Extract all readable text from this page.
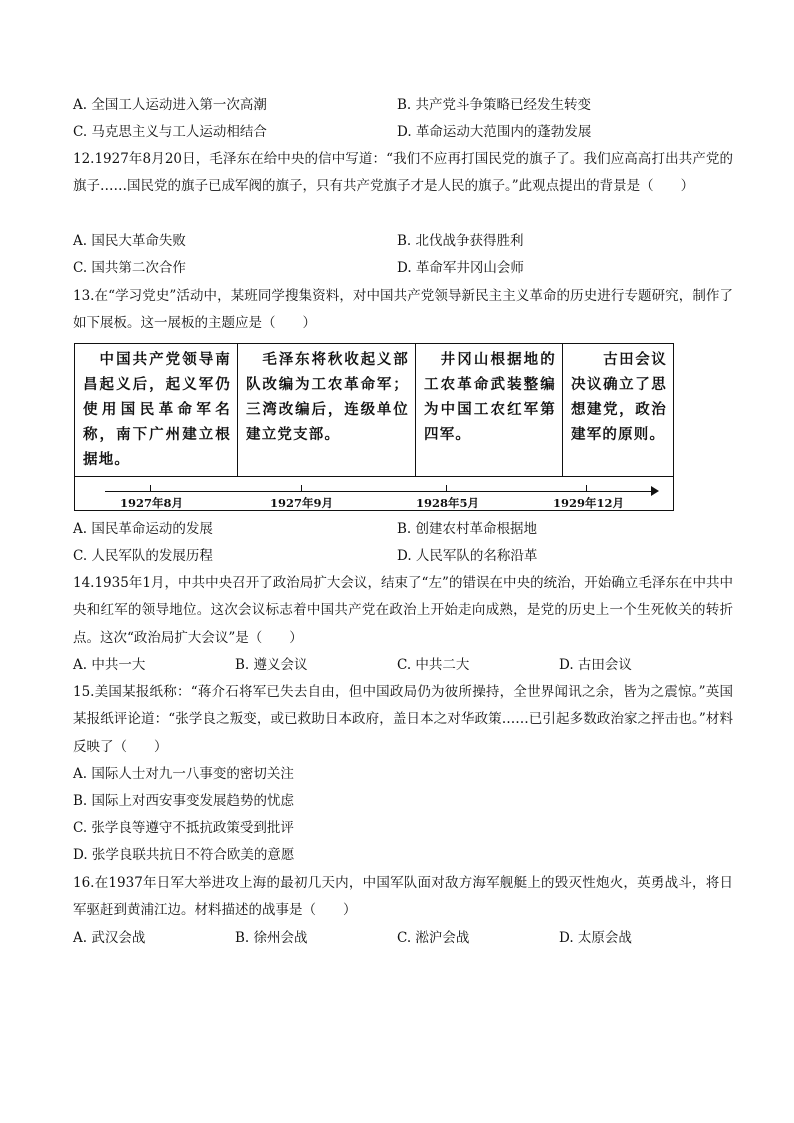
A. 全国工人运动进入第一次高潮	B. 共产党斗争策略已经发生转变
C. 马克思主义与工人运动相结合	D. 革命运动大范围内的蓬勃发展
12.1927年8月20日，毛泽东在给中央的信中写道：“我们不应再打国民党的旗子了。我们应高高打出共产党的旗子……国民党的旗子已成军阀的旗子，只有共产党旗子才是人民的旗子。”此观点提出的背景是（　　）
A. 国民大革命失败	B. 北伐战争获得胜利
C. 国共第二次合作	D. 革命军井冈山会师
13.在“学习党史”活动中，某班同学搜集资料，对中国共产党领导新民主主义革命的历史进行专题研究，制作了如下展板。这一展板的主题应是（　　）
　中国共产党领导南昌起义后，起义军仍使用国民革命军名称，南下广州建立根据地。
　毛泽东将秋收起义部队改编为工农革命军；三湾改编后，连级单位建立党支部。
　井冈山根据地的工农革命武装整编为中国工农红军第四军。
　　古田会议决议确立了思想建党，政治建军的原则。
1927年8月	1927年9月	1928年5月	1929年12月
A. 国民革命运动的发展	B. 创建农村革命根据地
C. 人民军队的发展历程	D. 人民军队的名称沿革
14.1935年1月，中共中央召开了政治局扩大会议，结束了“左”的错误在中央的统治，开始确立毛泽东在中共中央和红军的领导地位。这次会议标志着中国共产党在政治上开始走向成熟，是党的历史上一个生死攸关的转折点。这次“政治局扩大会议”是（　　）
A. 中共一大	B. 遵义会议	C. 中共二大	D. 古田会议
15.美国某报纸称：“蒋介石将军已失去自由，但中国政局仍为彼所操持，全世界闻讯之余，皆为之震惊。”英国某报纸评论道：“张学良之叛变，或已救助日本政府，盖日本之对华政策……已引起多数政治家之抨击也。”材料反映了（　　）
A. 国际人士对九一八事变的密切关注
B. 国际上对西安事变发展趋势的忧虑
C. 张学良等遵守不抵抗政策受到批评
D. 张学良联共抗日不符合欧美的意愿
16.在1937年日军大举进攻上海的最初几天内，中国军队面对敌方海军舰艇上的毁灭性炮火，英勇战斗，将日军驱赶到黄浦江边。材料描述的战事是（　　）
A. 武汉会战	B. 徐州会战	C. 淞沪会战	D. 太原会战
